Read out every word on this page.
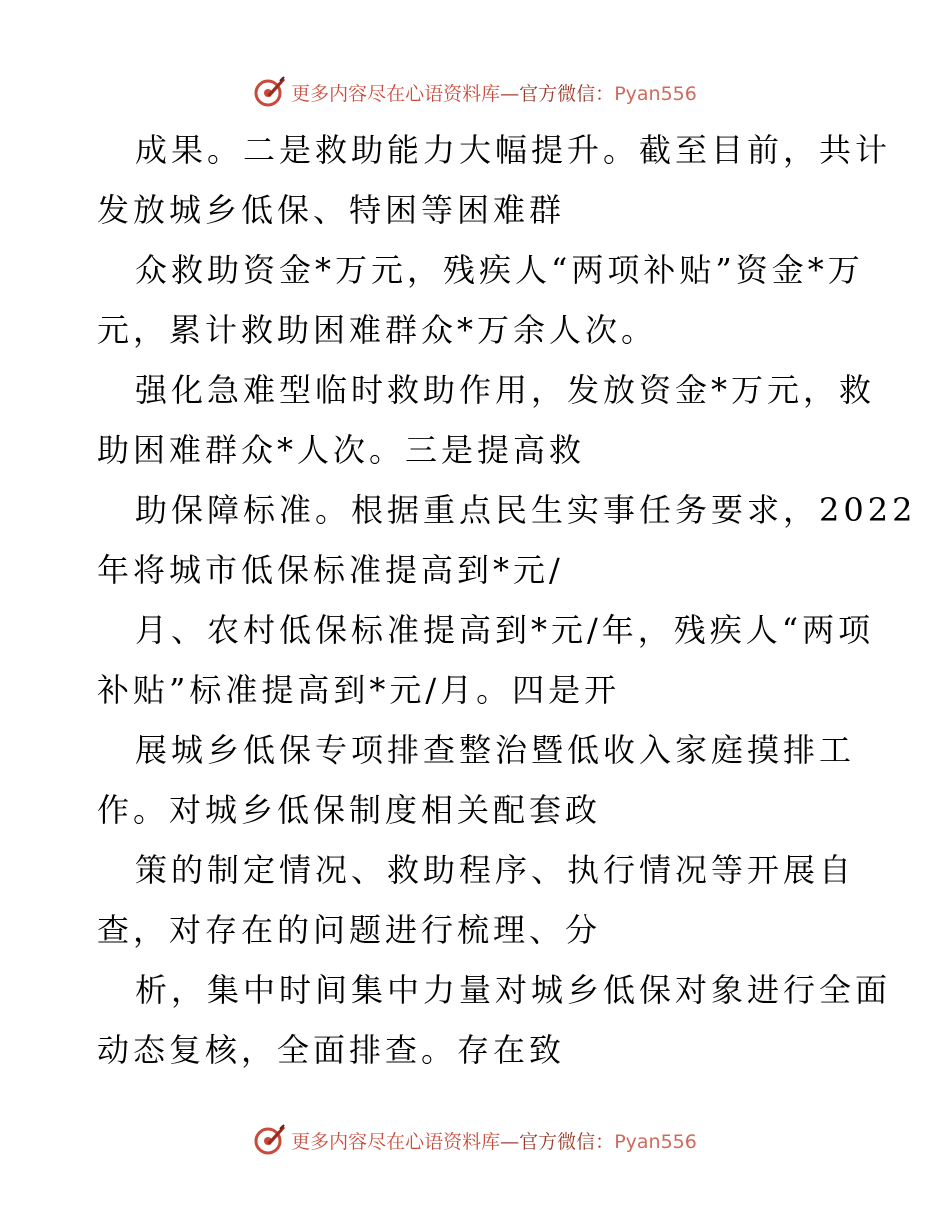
更多内容尽在心语资料库—官方微信：Pyan556
成果。二是救助能力大幅提升。截至目前，共计
发放城乡低保、特困等困难群
众救助资金*万元，残疾人“两项补贴”资金*万
元，累计救助困难群众*万余人次。
强化急难型临时救助作用，发放资金*万元，救
助困难群众*人次。三是提高救
助保障标准。根据重点民生实事任务要求，2022
年将城市低保标准提高到*元/
月、农村低保标准提高到*元/年，残疾人“两项
补贴”标准提高到*元/月。四是开
展城乡低保专项排查整治暨低收入家庭摸排工
作。对城乡低保制度相关配套政
策的制定情况、救助程序、执行情况等开展自
查，对存在的问题进行梳理、分
析，集中时间集中力量对城乡低保对象进行全面
动态复核，全面排查。存在致
更多内容尽在心语资料库—官方微信：Pyan556
